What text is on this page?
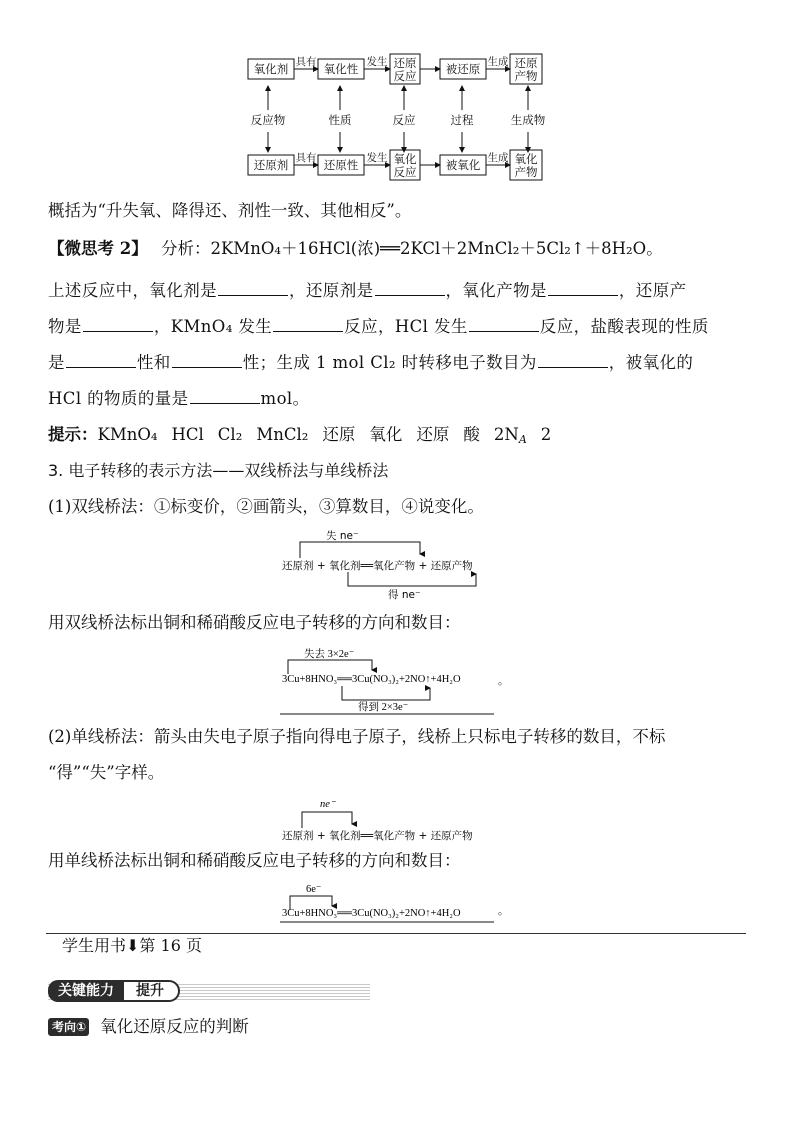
氧化剂	氧化性	还原
反应	被还原	还原
产物
具有	发生	生成
还原剂	还原性	氧化
反应	被氧化	氧化
产物
具有	发生	生成
反应物	性质	反应	过程	生成物
概括为“升失氧、降得还、剂性一致、其他相反”。
【微思考 2】 分析：2KMnO₄＋16HCl(浓)══2KCl＋2MnCl₂＋5Cl₂↑＋8H₂O。
上述反应中，氧化剂是	，还原剂是	，氧化产物是	，还原产
物是	，KMnO₄ 发生	反应，HCl 发生	反应，盐酸表现的性质
是	性和	性；生成 1 mol Cl₂ 时转移电子数目为	，被氧化的
HCl 的物质的量是	mol。
提示：KMnO₄ HCl Cl₂ MnCl₂ 还原 氧化 还原 酸 $2N_A$ 2
3. 电子转移的表示方法——双线桥法与单线桥法
(1)双线桥法：①标变价，②画箭头，③算数目，④说变化。
失 ne⁻
还原剂 + 氧化剂══氧化产物 + 还原产物
得 ne⁻
用双线桥法标出铜和稀硝酸反应电子转移的方向和数目：
失去 3×2e⁻
3Cu+8HNO₃══3Cu(NO₃)₂+2NO↑+4H₂O	。
得到 2×3e⁻
(2)单线桥法：箭头由失电子原子指向得电子原子，线桥上只标电子转移的数目，不标
“得”“失”字样。
ne⁻
还原剂 + 氧化剂══氧化产物 + 还原产物
用单线桥法标出铜和稀硝酸反应电子转移的方向和数目：
6e⁻
3Cu+8HNO₃══3Cu(NO₃)₂+2NO↑+4H₂O	。
学生用书⬇第 16 页
关键能力 提升
考向① 氧化还原反应的判断
